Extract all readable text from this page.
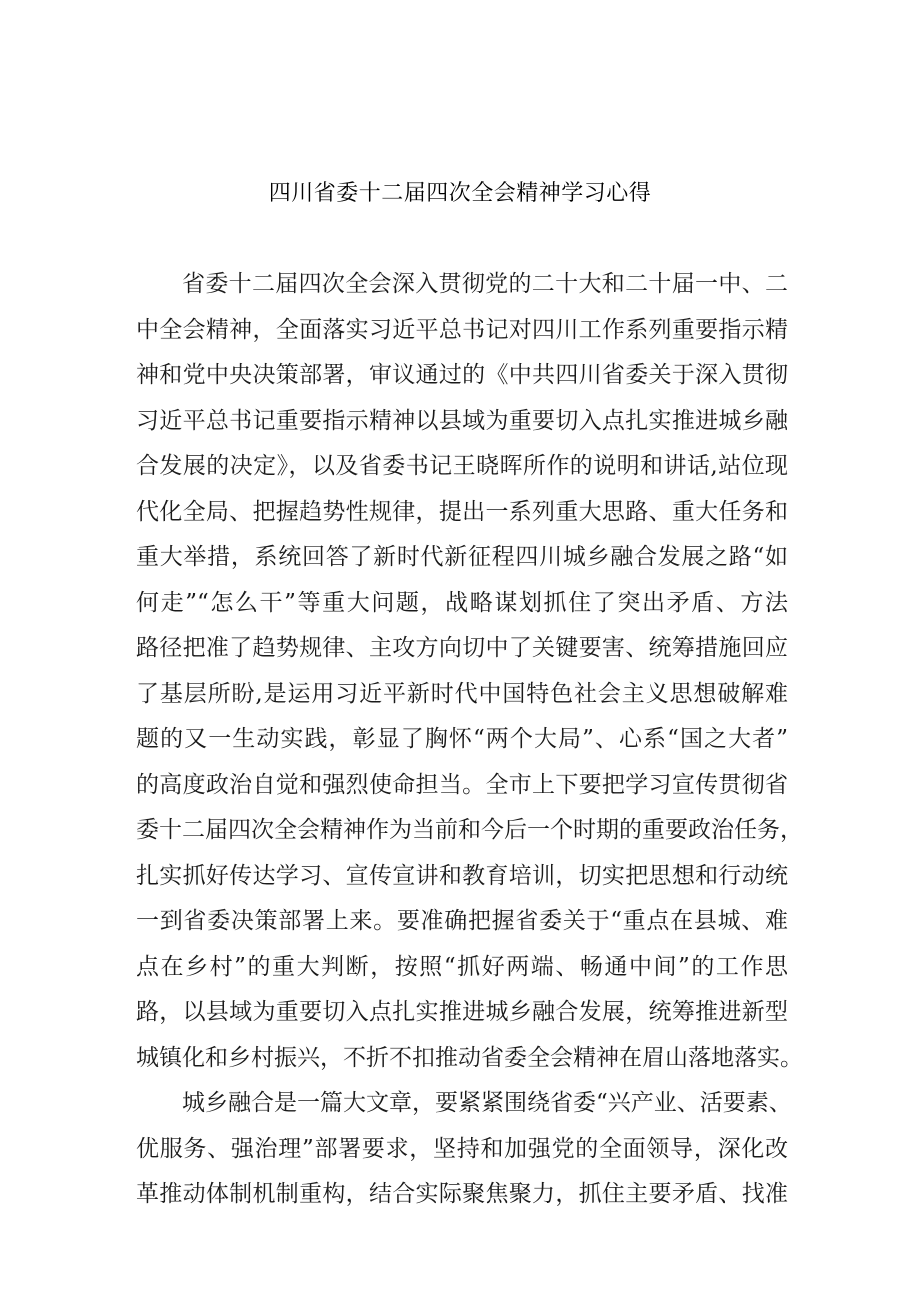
四川省委十二届四次全会精神学习心得
省委十二届四次全会深入贯彻党的二十大和二十届一中、二
中全会精神，全面落实习近平总书记对四川工作系列重要指示精
神和党中央决策部署，审议通过的《中共四川省委关于深入贯彻
习近平总书记重要指示精神以县域为重要切入点扎实推进城乡融
合发展的决定》，以及省委书记王晓晖所作的说明和讲话,站位现
代化全局、把握趋势性规律，提出一系列重大思路、重大任务和
重大举措，系统回答了新时代新征程四川城乡融合发展之路“如
何走”“怎么干”等重大问题，战略谋划抓住了突出矛盾、方法
路径把准了趋势规律、主攻方向切中了关键要害、统筹措施回应
了基层所盼,是运用习近平新时代中国特色社会主义思想破解难
题的又一生动实践，彰显了胸怀“两个大局”、心系“国之大者”
的高度政治自觉和强烈使命担当。全市上下要把学习宣传贯彻省
委十二届四次全会精神作为当前和今后一个时期的重要政治任务，
扎实抓好传达学习、宣传宣讲和教育培训，切实把思想和行动统
一到省委决策部署上来。要准确把握省委关于“重点在县城、难
点在乡村”的重大判断，按照“抓好两端、畅通中间”的工作思
路，以县域为重要切入点扎实推进城乡融合发展，统筹推进新型
城镇化和乡村振兴，不折不扣推动省委全会精神在眉山落地落实。
城乡融合是一篇大文章，要紧紧围绕省委“兴产业、活要素、
优服务、强治理”部署要求，坚持和加强党的全面领导，深化改
革推动体制机制重构，结合实际聚焦聚力，抓住主要矛盾、找准
